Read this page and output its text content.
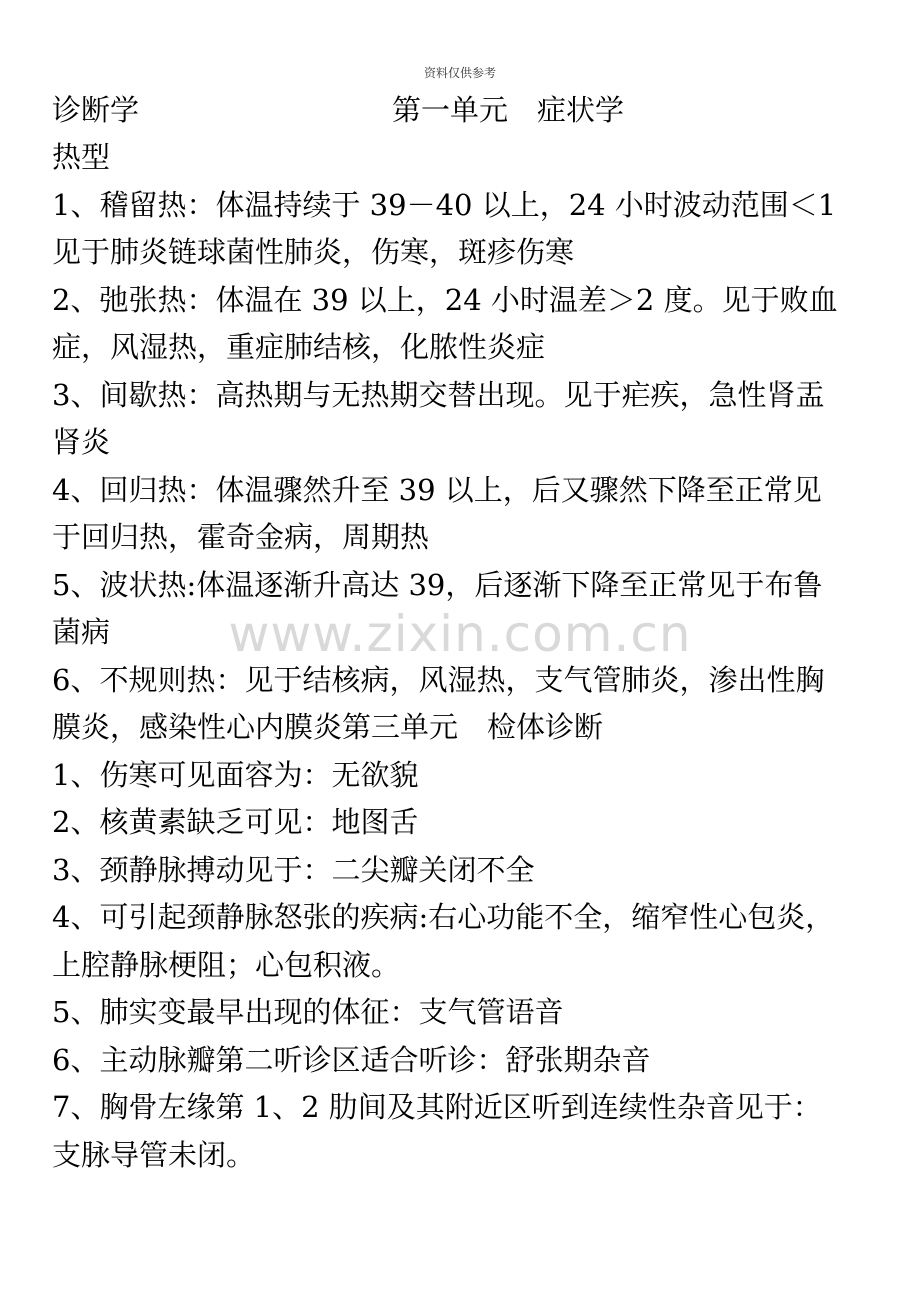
资料仅供参考
诊断学	第一单元　症状学
www.zixin.com.cn
热型
1、稽留热：体温持续于 39－40 以上，24 小时波动范围＜1
见于肺炎链球菌性肺炎，伤寒，斑疹伤寒
2、弛张热：体温在 39 以上，24 小时温差＞2 度。见于败血
症，风湿热，重症肺结核，化脓性炎症
3、间歇热：高热期与无热期交替出现。见于疟疾，急性肾盂
肾炎
4、回归热：体温骤然升至 39 以上，后又骤然下降至正常见
于回归热，霍奇金病，周期热
5、波状热:体温逐渐升高达 39，后逐渐下降至正常见于布鲁
菌病
6、不规则热：见于结核病，风湿热，支气管肺炎，渗出性胸
膜炎，感染性心内膜炎第三单元　检体诊断
1、伤寒可见面容为：无欲貌
2、核黄素缺乏可见：地图舌
3、颈静脉搏动见于：二尖瓣关闭不全
4、可引起颈静脉怒张的疾病:右心功能不全，缩窄性心包炎，
上腔静脉梗阻；心包积液。
5、肺实变最早出现的体征：支气管语音
6、主动脉瓣第二听诊区适合听诊：舒张期杂音
7、胸骨左缘第 1、2 肋间及其附近区听到连续性杂音见于：
支脉导管未闭。
